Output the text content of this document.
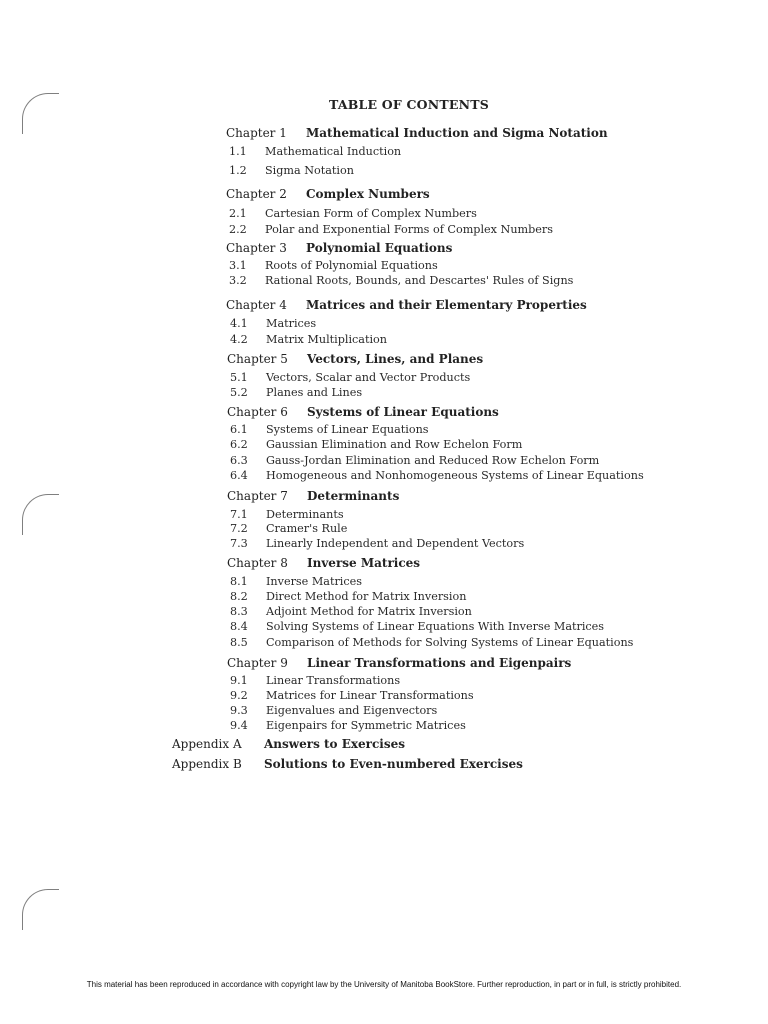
TABLE OF CONTENTS
Chapter 1 Mathematical Induction and Sigma Notation
1.1 Mathematical Induction
1.2 Sigma Notation
Chapter 2 Complex Numbers
2.1 Cartesian Form of Complex Numbers
2.2 Polar and Exponential Forms of Complex Numbers
Chapter 3 Polynomial Equations
3.1 Roots of Polynomial Equations
3.2 Rational Roots, Bounds, and Descartes' Rules of Signs
Chapter 4 Matrices and their Elementary Properties
4.1 Matrices
4.2 Matrix Multiplication
Chapter 5 Vectors, Lines, and Planes
5.1 Vectors, Scalar and Vector Products
5.2 Planes and Lines
Chapter 6 Systems of Linear Equations
6.1 Systems of Linear Equations
6.2 Gaussian Elimination and Row Echelon Form
6.3 Gauss-Jordan Elimination and Reduced Row Echelon Form
6.4 Homogeneous and Nonhomogeneous Systems of Linear Equations
Chapter 7 Determinants
7.1 Determinants
7.2 Cramer's Rule
7.3 Linearly Independent and Dependent Vectors
Chapter 8 Inverse Matrices
8.1 Inverse Matrices
8.2 Direct Method for Matrix Inversion
8.3 Adjoint Method for Matrix Inversion
8.4 Solving Systems of Linear Equations With Inverse Matrices
8.5 Comparison of Methods for Solving Systems of Linear Equations
Chapter 9 Linear Transformations and Eigenpairs
9.1 Linear Transformations
9.2 Matrices for Linear Transformations
9.3 Eigenvalues and Eigenvectors
9.4 Eigenpairs for Symmetric Matrices
Appendix A Answers to Exercises
Appendix B Solutions to Even-numbered Exercises
This material has been reproduced in accordance with copyright law by the University of Manitoba BookStore. Further reproduction, in part or in full, is strictly prohibited.
